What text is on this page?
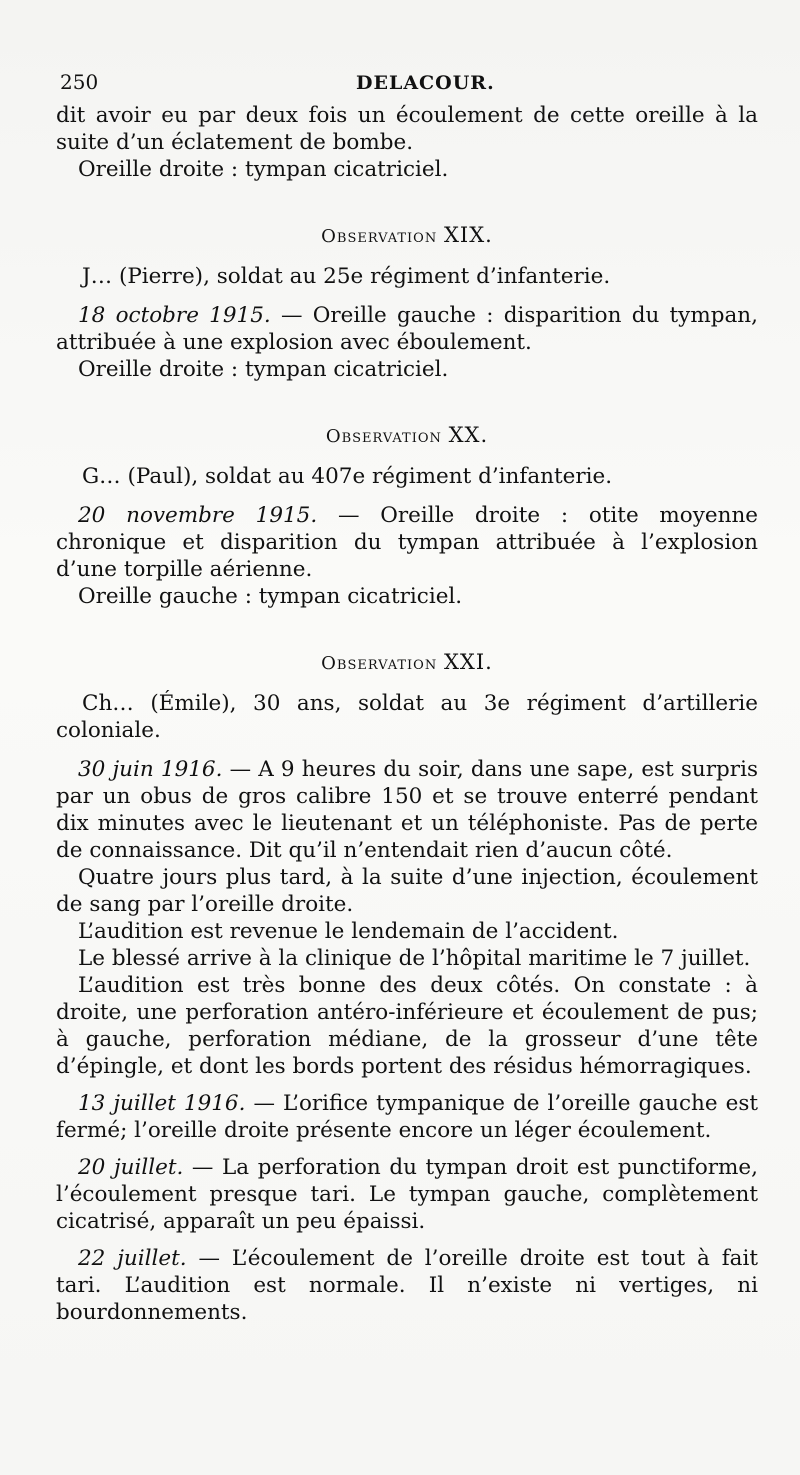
250	DELACOUR.

dit avoir eu par deux fois un écoulement de cette oreille à la suite d’un éclatement de bombe.

Oreille droite : tympan cicatriciel.

Observation XIX.

J… (Pierre), soldat au 25e régiment d’infanterie.

18 octobre 1915. — Oreille gauche : disparition du tympan, attribuée à une explosion avec éboulement.

Oreille droite : tympan cicatriciel.

Observation XX.

G… (Paul), soldat au 407e régiment d’infanterie.

20 novembre 1915. — Oreille droite : otite moyenne chronique et disparition du tympan attribuée à l’explosion d’une torpille aérienne.

Oreille gauche : tympan cicatriciel.

Observation XXI.

Ch… (Émile), 30 ans, soldat au 3e régiment d’artillerie coloniale.

30 juin 1916. — A 9 heures du soir, dans une sape, est surpris par un obus de gros calibre 150 et se trouve enterré pendant dix minutes avec le lieutenant et un téléphoniste. Pas de perte de connaissance. Dit qu’il n’entendait rien d’aucun côté.

Quatre jours plus tard, à la suite d’une injection, écoulement de sang par l’oreille droite.

L’audition est revenue le lendemain de l’accident.

Le blessé arrive à la clinique de l’hôpital maritime le 7 juillet.

L’audition est très bonne des deux côtés. On constate : à droite, une perforation antéro-inférieure et écoulement de pus; à gauche, perforation médiane, de la grosseur d’une tête d’épingle, et dont les bords portent des résidus hémorragiques.

13 juillet 1916. — L’orifice tympanique de l’oreille gauche est fermé; l’oreille droite présente encore un léger écoulement.

20 juillet. — La perforation du tympan droit est punctiforme, l’écoulement presque tari. Le tympan gauche, complètement cicatrisé, apparaît un peu épaissi.

22 juillet. — L’écoulement de l’oreille droite est tout à fait tari. L’audition est normale. Il n’existe ni vertiges, ni bourdonnements.
